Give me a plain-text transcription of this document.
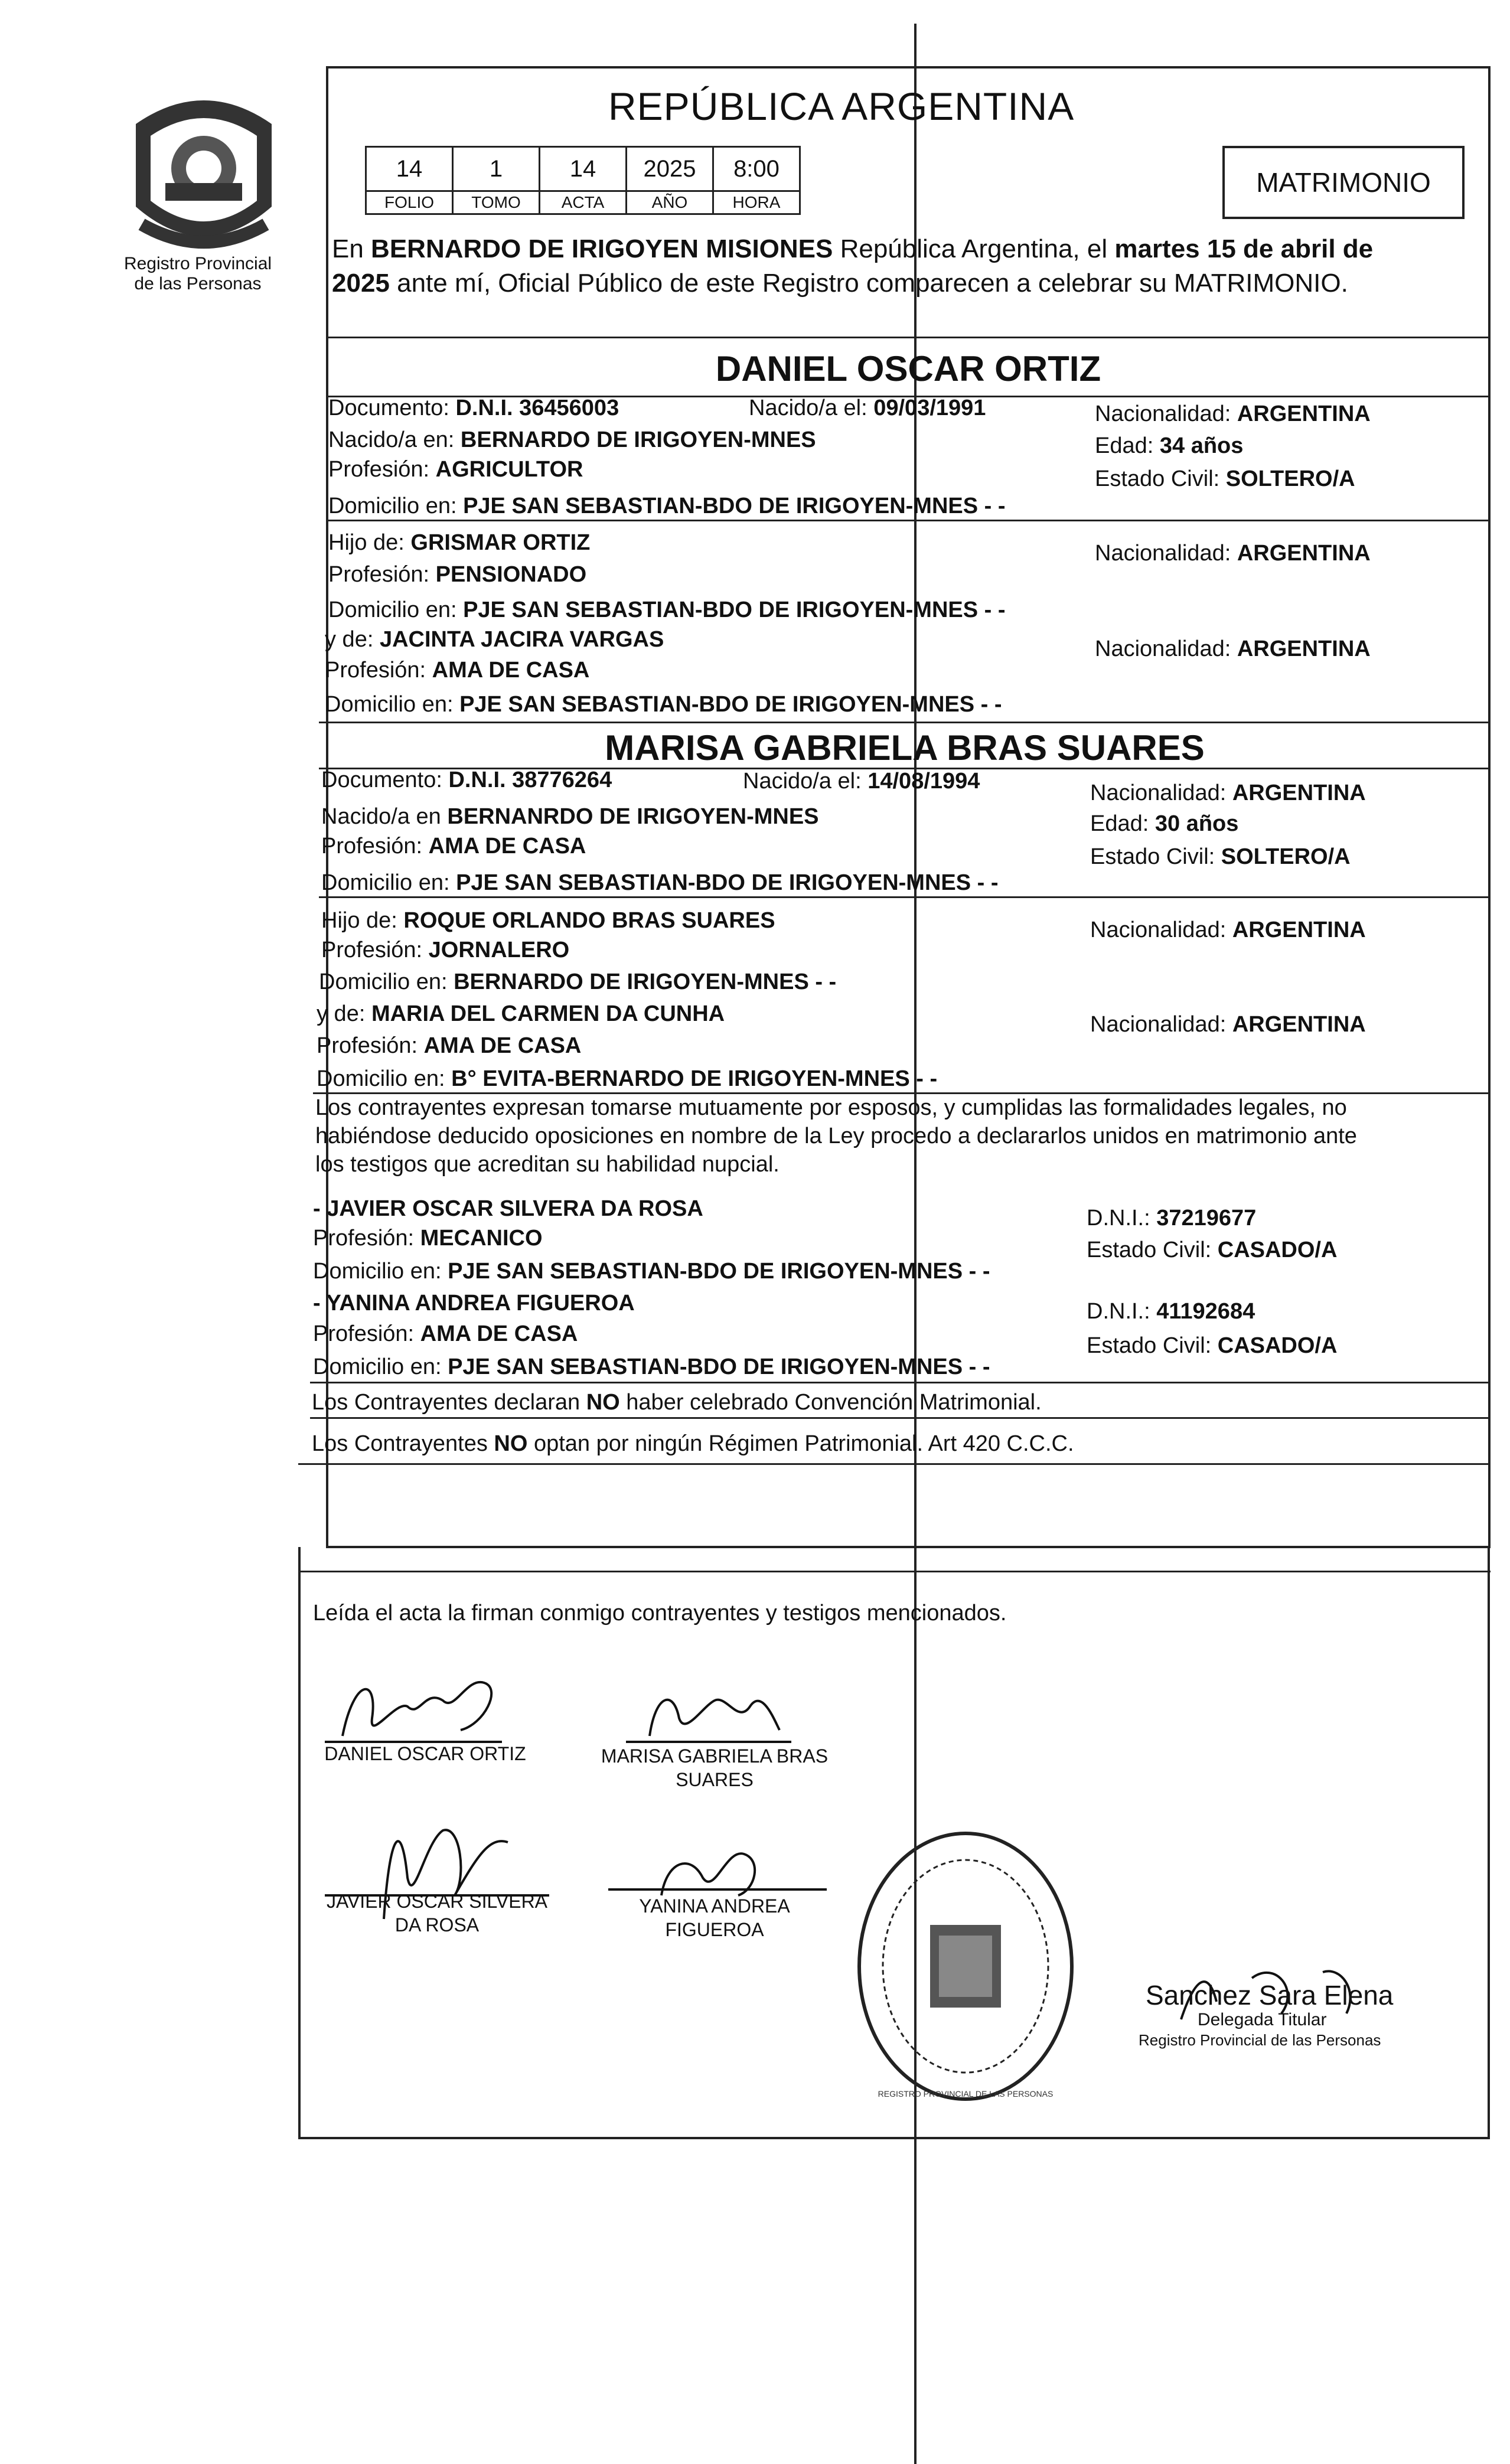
Registro Provincial
de las Personas
REPÚBLICA ARGENTINA
14	1	14	2025	8:00
FOLIO	TOMO	ACTA	AÑO	HORA
MATRIMONIO
En BERNARDO DE IRIGOYEN MISIONES República Argentina, el martes 15 de abril de
2025 ante mí, Oficial Público de este Registro comparecen a celebrar su MATRIMONIO.
DANIEL OSCAR ORTIZ
Documento: D.N.I. 36456003	Nacido/a el: 09/03/1991	Nacionalidad: ARGENTINA
Nacido/a en: BERNARDO DE IRIGOYEN-MNES	Edad: 34 años
Profesión: AGRICULTOR	Estado Civil: SOLTERO/A
Domicilio en: PJE SAN SEBASTIAN-BDO DE IRIGOYEN-MNES - -
Hijo de: GRISMAR ORTIZ	Nacionalidad: ARGENTINA
Profesión: PENSIONADO
Domicilio en: PJE SAN SEBASTIAN-BDO DE IRIGOYEN-MNES - -
y de: JACINTA JACIRA VARGAS	Nacionalidad: ARGENTINA
Profesión: AMA DE CASA
Domicilio en: PJE SAN SEBASTIAN-BDO DE IRIGOYEN-MNES - -
MARISA GABRIELA BRAS SUARES
Documento: D.N.I. 38776264	Nacido/a el: 14/08/1994	Nacionalidad: ARGENTINA
Nacido/a en BERNANRDO DE IRIGOYEN-MNES	Edad: 30 años
Profesión: AMA DE CASA	Estado Civil: SOLTERO/A
Domicilio en: PJE SAN SEBASTIAN-BDO DE IRIGOYEN-MNES - -
Hijo de: ROQUE ORLANDO BRAS SUARES	Nacionalidad: ARGENTINA
Profesión: JORNALERO
Domicilio en: BERNARDO DE IRIGOYEN-MNES - -
y de: MARIA DEL CARMEN DA CUNHA	Nacionalidad: ARGENTINA
Profesión: AMA DE CASA
Domicilio en: B° EVITA-BERNARDO DE IRIGOYEN-MNES - -
Los contrayentes expresan tomarse mutuamente por esposos, y cumplidas las formalidades legales, no
habiéndose deducido oposiciones en nombre de la Ley procedo a declararlos unidos en matrimonio ante
los testigos que acreditan su habilidad nupcial.
- JAVIER OSCAR SILVERA DA ROSA	D.N.I.: 37219677
Profesión: MECANICO	Estado Civil: CASADO/A
Domicilio en: PJE SAN SEBASTIAN-BDO DE IRIGOYEN-MNES - -
- YANINA ANDREA FIGUEROA	D.N.I.: 41192684
Profesión: AMA DE CASA	Estado Civil: CASADO/A
Domicilio en: PJE SAN SEBASTIAN-BDO DE IRIGOYEN-MNES - -
Los Contrayentes declaran NO haber celebrado Convención Matrimonial.
Los Contrayentes NO optan por ningún Régimen Patrimonial. Art 420 C.C.C.
Leída el acta la firman conmigo contrayentes y testigos mencionados.
DANIEL OSCAR ORTIZ	MARISA GABRIELA BRAS
SUARES
JAVIER OSCAR SILVERA
DA ROSA
YANINA ANDREA
FIGUEROA
REGISTRO PROVINCIAL DE LAS PERSONAS
Sanchez Sara Elena
Delegada Titular
Registro Provincial de las Personas
